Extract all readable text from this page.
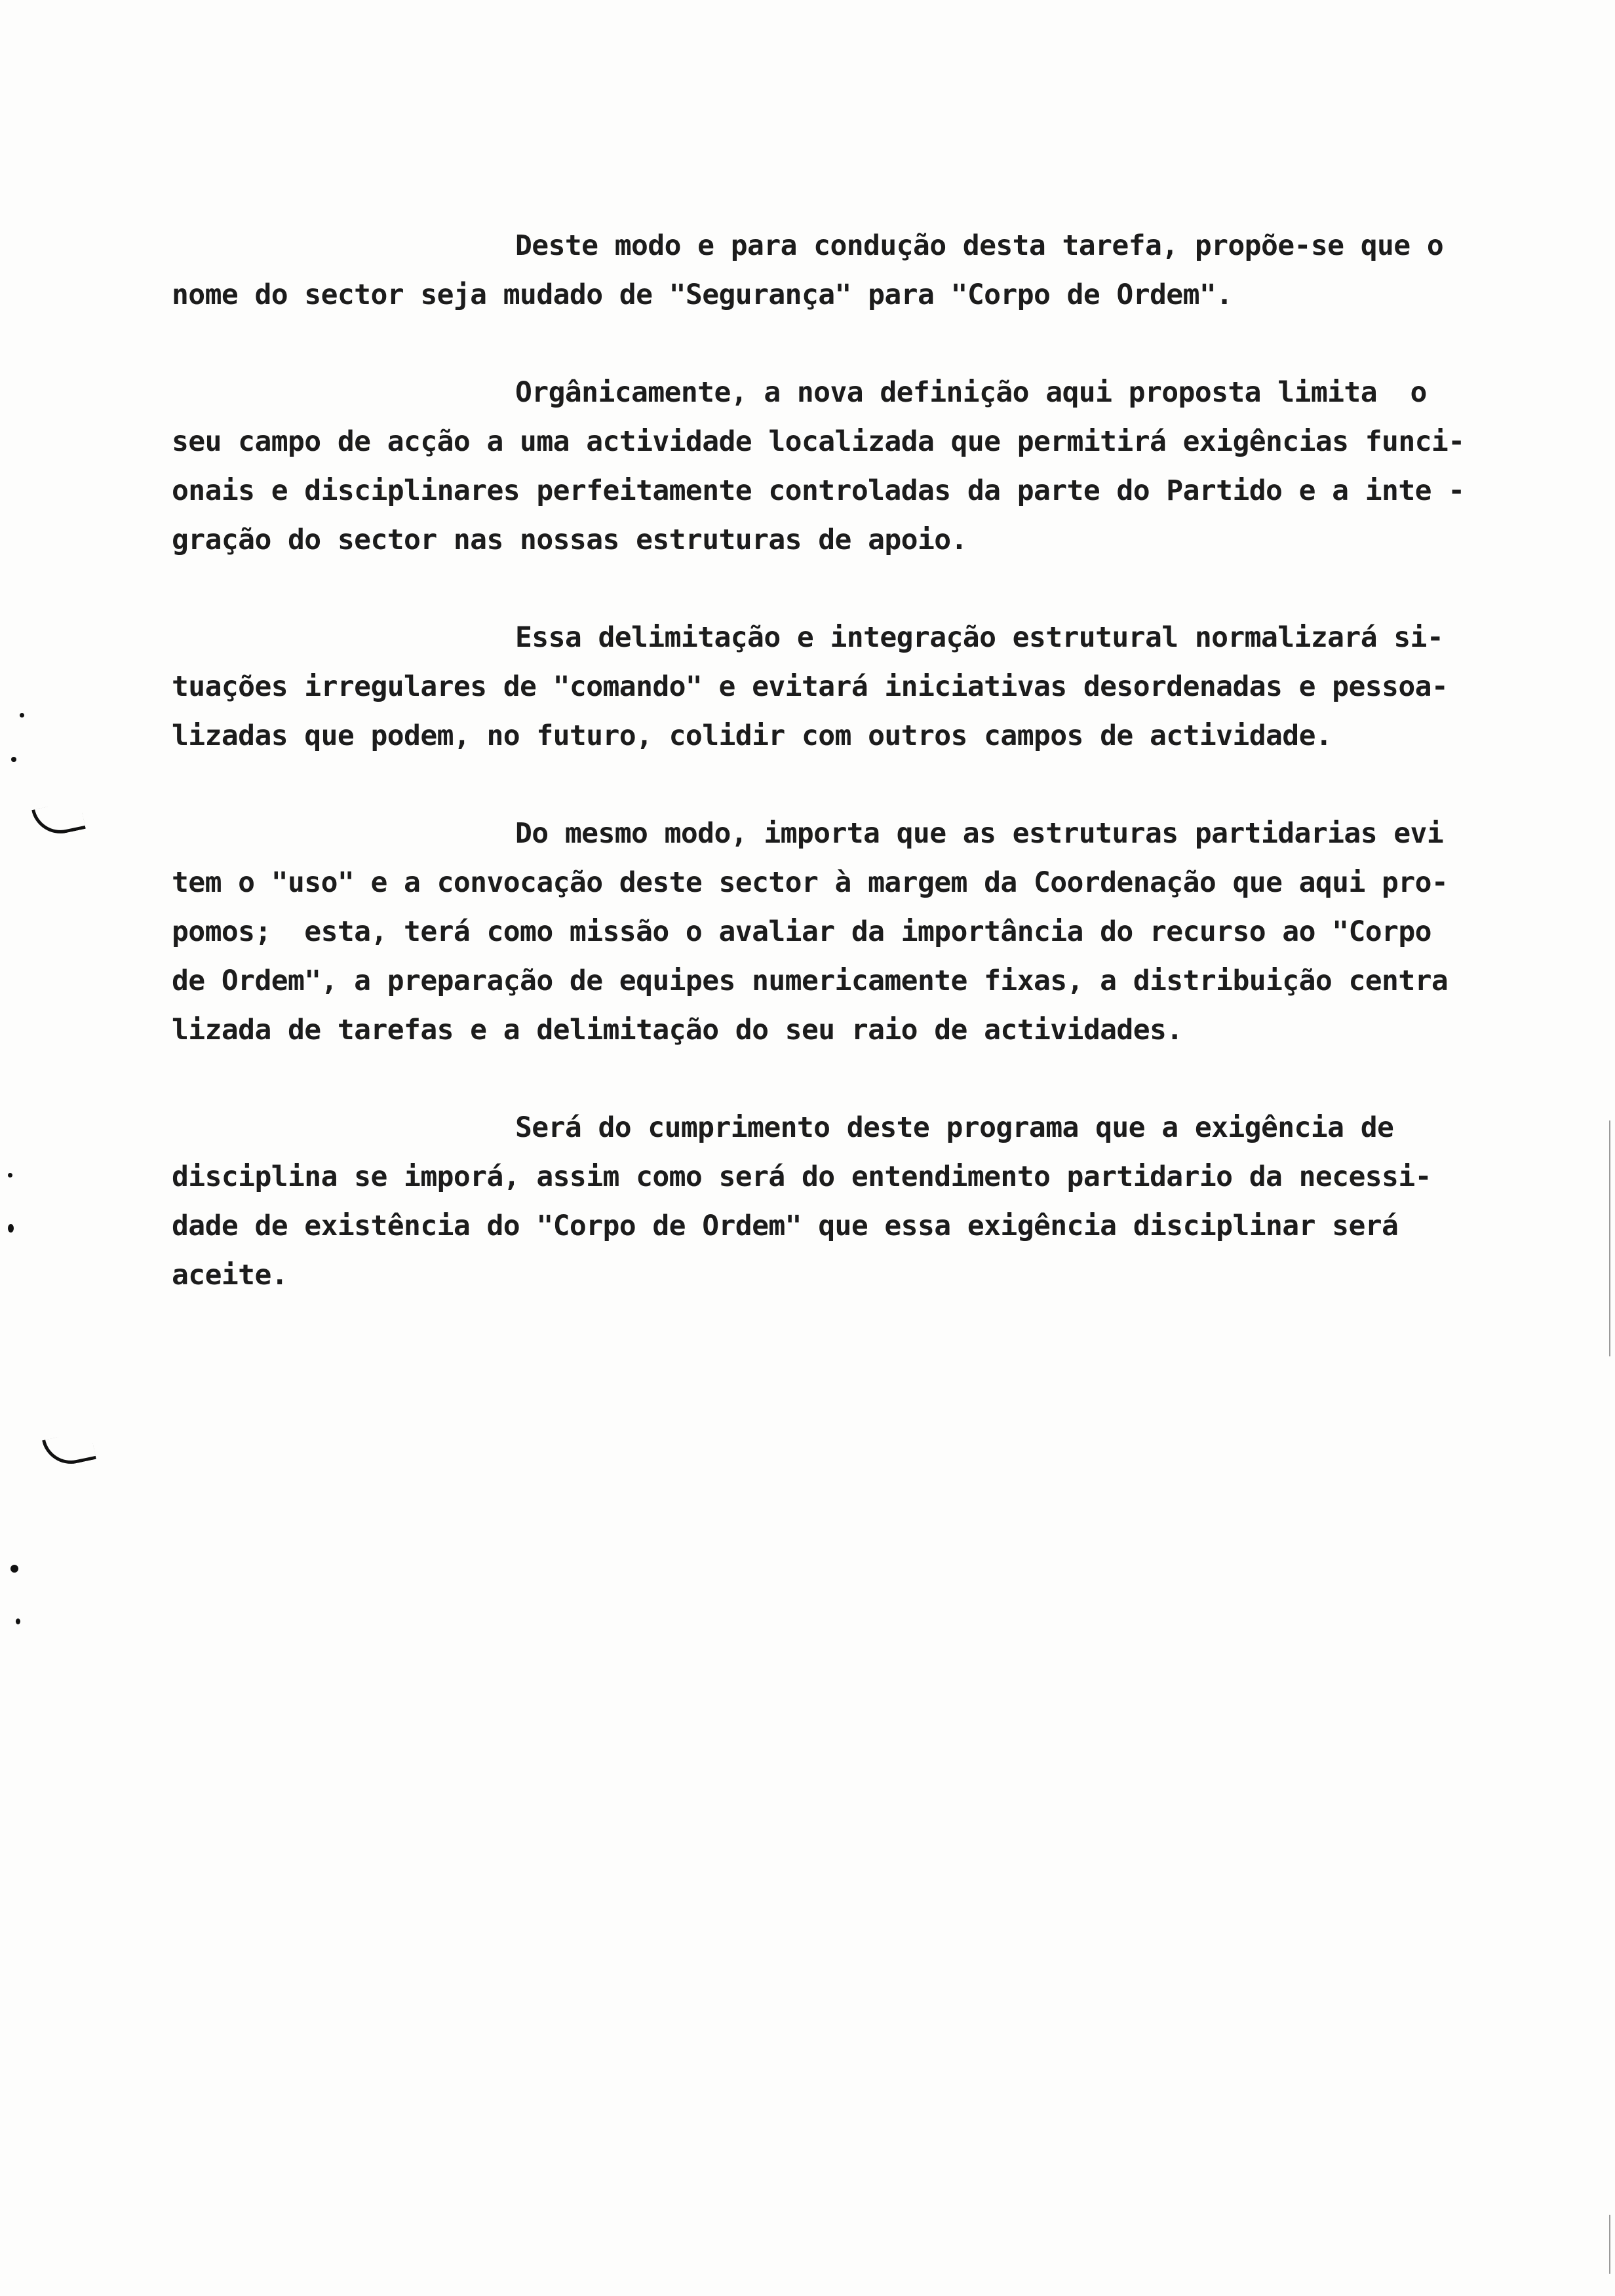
Deste modo e para condução desta tarefa, propõe-se que o
nome do sector seja mudado de "Segurança" para "Corpo de Ordem".
Orgânicamente, a nova definição aqui proposta limita  o
seu campo de acção a uma actividade localizada que permitirá exigências funci-
onais e disciplinares perfeitamente controladas da parte do Partido e a inte -
gração do sector nas nossas estruturas de apoio.
Essa delimitação e integração estrutural normalizará si-
tuações irregulares de "comando" e evitará iniciativas desordenadas e pessoa-
lizadas que podem, no futuro, colidir com outros campos de actividade.
Do mesmo modo, importa que as estruturas partidarias evi
tem o "uso" e a convocação deste sector à margem da Coordenação que aqui pro-
pomos;  esta, terá como missão o avaliar da importância do recurso ao "Corpo
de Ordem", a preparação de equipes numericamente fixas, a distribuição centra
lizada de tarefas e a delimitação do seu raio de actividades.
Será do cumprimento deste programa que a exigência de
disciplina se imporá, assim como será do entendimento partidario da necessi-
dade de existência do "Corpo de Ordem" que essa exigência disciplinar será
aceite.
